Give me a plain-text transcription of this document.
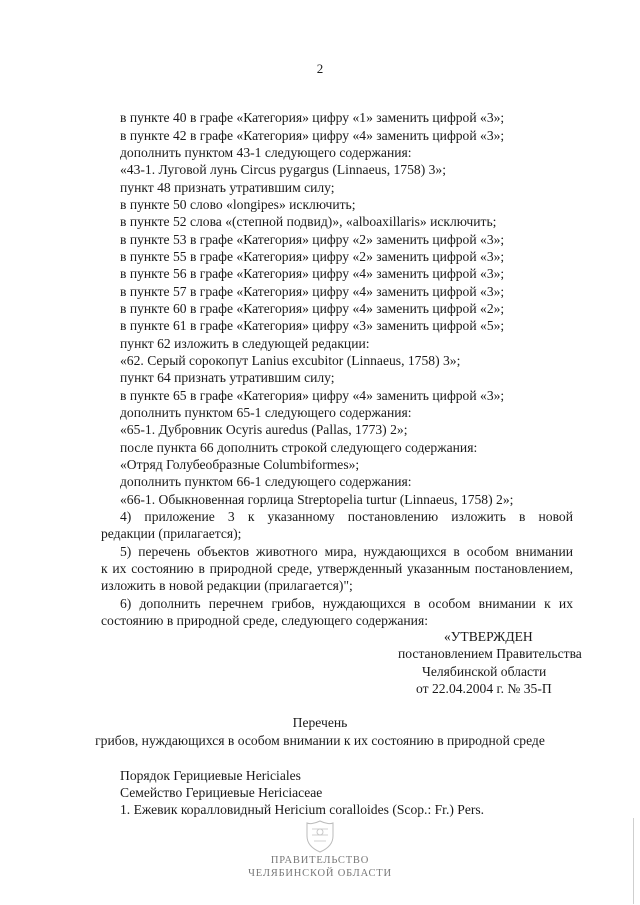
2
в пункте 40 в графе «Категория» цифру «1» заменить цифрой «3»;
в пункте 42 в графе «Категория» цифру «4» заменить цифрой «3»;
дополнить пунктом 43-1 следующего содержания:
«43-1. Луговой лунь Circus pygargus (Linnaeus, 1758) 3»;
пункт 48 признать утратившим силу;
в пункте 50 слово «longipes» исключить;
в пункте 52 слова «(степной подвид)», «alboaxillaris» исключить;
в пункте 53 в графе «Категория» цифру «2» заменить цифрой «3»;
в пункте 55 в графе «Категория» цифру «2» заменить цифрой «3»;
в пункте 56 в графе «Категория» цифру «4» заменить цифрой «3»;
в пункте 57 в графе «Категория» цифру «4» заменить цифрой «3»;
в пункте 60 в графе «Категория» цифру «4» заменить цифрой «2»;
в пункте 61 в графе «Категория» цифру «3» заменить цифрой «5»;
пункт 62 изложить в следующей редакции:
«62. Серый сорокопут Lanius excubitor (Linnaeus, 1758) 3»;
пункт 64 признать утратившим силу;
в пункте 65 в графе «Категория» цифру «4» заменить цифрой «3»;
дополнить пунктом 65-1 следующего содержания:
«65-1. Дубровник Ocyris auredus (Pallas, 1773) 2»;
после пункта 66 дополнить строкой следующего содержания:
«Отряд Голубеобразные Columbiformes»;
дополнить пунктом 66-1 следующего содержания:
«66-1. Обыкновенная горлица Streptopelia turtur (Linnaeus, 1758) 2»;
4) приложение 3 к указанному постановлению изложить в новой
редакции (прилагается);
5) перечень объектов животного мира, нуждающихся в особом внимании
к их состоянию в природной среде, утвержденный указанным постановлением,
изложить в новой редакции (прилагается)";
6) дополнить перечнем грибов, нуждающихся в особом внимании к их
состоянию в природной среде, следующего содержания:
«УТВЕРЖДЕН
постановлением Правительства
Челябинской области
от 22.04.2004 г. № 35-П
Перечень
грибов, нуждающихся в особом внимании к их состоянию в природной среде
Порядок Герициевые Hericiales
Семейство Герициевые Hericiaceae
1. Ежевик коралловидный Hericium coralloides (Scop.: Fr.) Pers.
ПРАВИТЕЛЬСТВО
ЧЕЛЯБИНСКОЙ ОБЛАСТИ
